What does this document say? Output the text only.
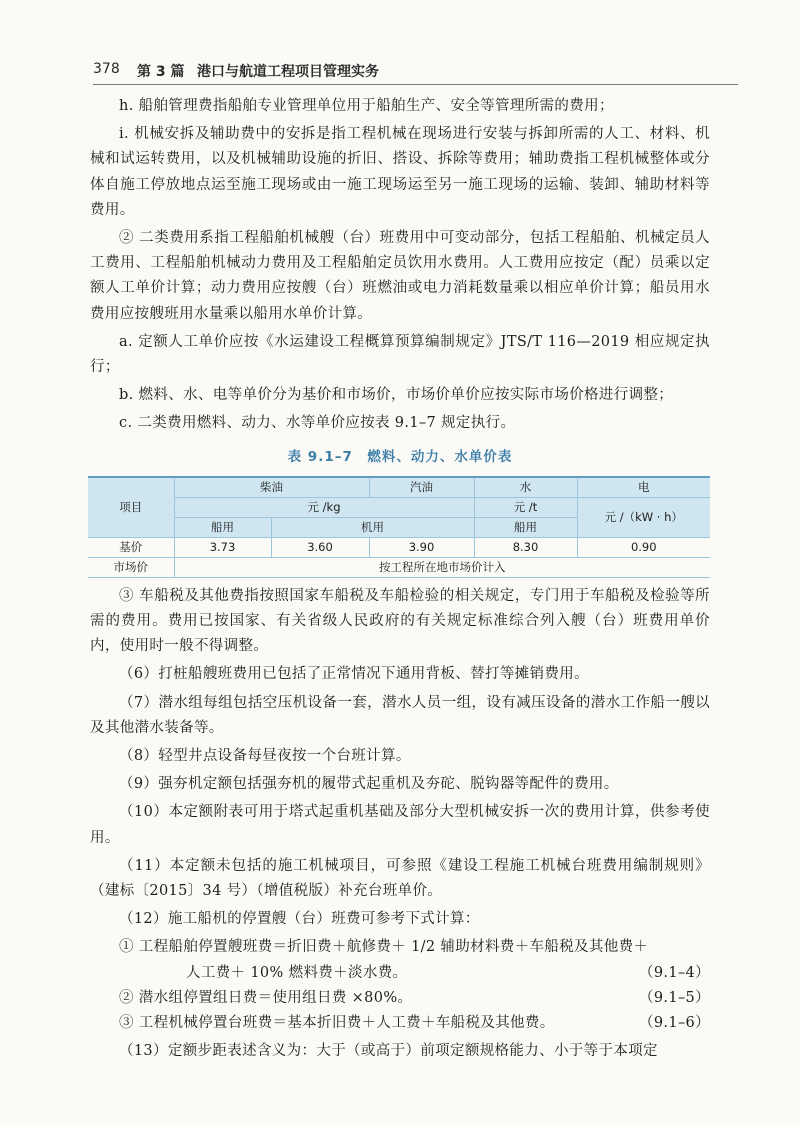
378 第 3 篇 港口与航道工程项目管理实务

h. 船舶管理费指船舶专业管理单位用于船舶生产、安全等管理所需的费用；

i. 机械安拆及辅助费中的安拆是指工程机械在现场进行安装与拆卸所需的人工、材料、机械和试运转费用，以及机械辅助设施的折旧、搭设、拆除等费用；辅助费指工程机械整体或分体自施工停放地点运至施工现场或由一施工现场运至另一施工现场的运输、装卸、辅助材料等费用。

② 二类费用系指工程船舶机械艘（台）班费用中可变动部分，包括工程船舶、机械定员人工费用、工程船舶机械动力费用及工程船舶定员饮用水费用。人工费用应按定（配）员乘以定额人工单价计算；动力费用应按艘（台）班燃油或电力消耗数量乘以相应单价计算；船员用水费用应按艘班用水量乘以船用水单价计算。

a. 定额人工单价应按《水运建设工程概算预算编制规定》JTS/T 116—2019 相应规定执行；

b. 燃料、水、电等单价分为基价和市场价，市场价单价应按实际市场价格进行调整；

c. 二类费用燃料、动力、水等单价应按表 9.1–7 规定执行。

表 9.1–7　燃料、动力、水单价表
项目	柴油		汽油	水	电
	元 /kg			元 /t	元 /（kW · h）
	船用	机用		船用	
基价	3.73	3.60	3.90	8.30	0.90
市场价	按工程所在地市场价计入				

③ 车船税及其他费指按照国家车船税及车船检验的相关规定，专门用于车船税及检验等所需的费用。费用已按国家、有关省级人民政府的有关规定标准综合列入艘（台）班费用单价内，使用时一般不得调整。

（6）打桩船艘班费用已包括了正常情况下通用背板、替打等摊销费用。

（7）潜水组每组包括空压机设备一套，潜水人员一组，设有减压设备的潜水工作船一艘以及其他潜水装备等。

（8）轻型井点设备每昼夜按一个台班计算。

（9）强夯机定额包括强夯机的履带式起重机及夯砣、脱钩器等配件的费用。

（10）本定额附表可用于塔式起重机基础及部分大型机械安拆一次的费用计算，供参考使用。

（11）本定额未包括的施工机械项目，可参照《建设工程施工机械台班费用编制规则》（建标〔2015〕34 号）（增值税版）补充台班单价。

（12）施工船机的停置艘（台）班费可参考下式计算：

① 工程船舶停置艘班费＝折旧费＋航修费＋ 1/2 辅助材料费＋车船税及其他费＋

人工费＋ 10% 燃料费＋淡水费。	（9.1–4）
② 潜水组停置组日费＝使用组日费 ×80%。	（9.1–5）
③ 工程机械停置台班费＝基本折旧费＋人工费＋车船税及其他费。	（9.1–6）

（13）定额步距表述含义为：大于（或高于）前项定额规格能力、小于等于本项定
